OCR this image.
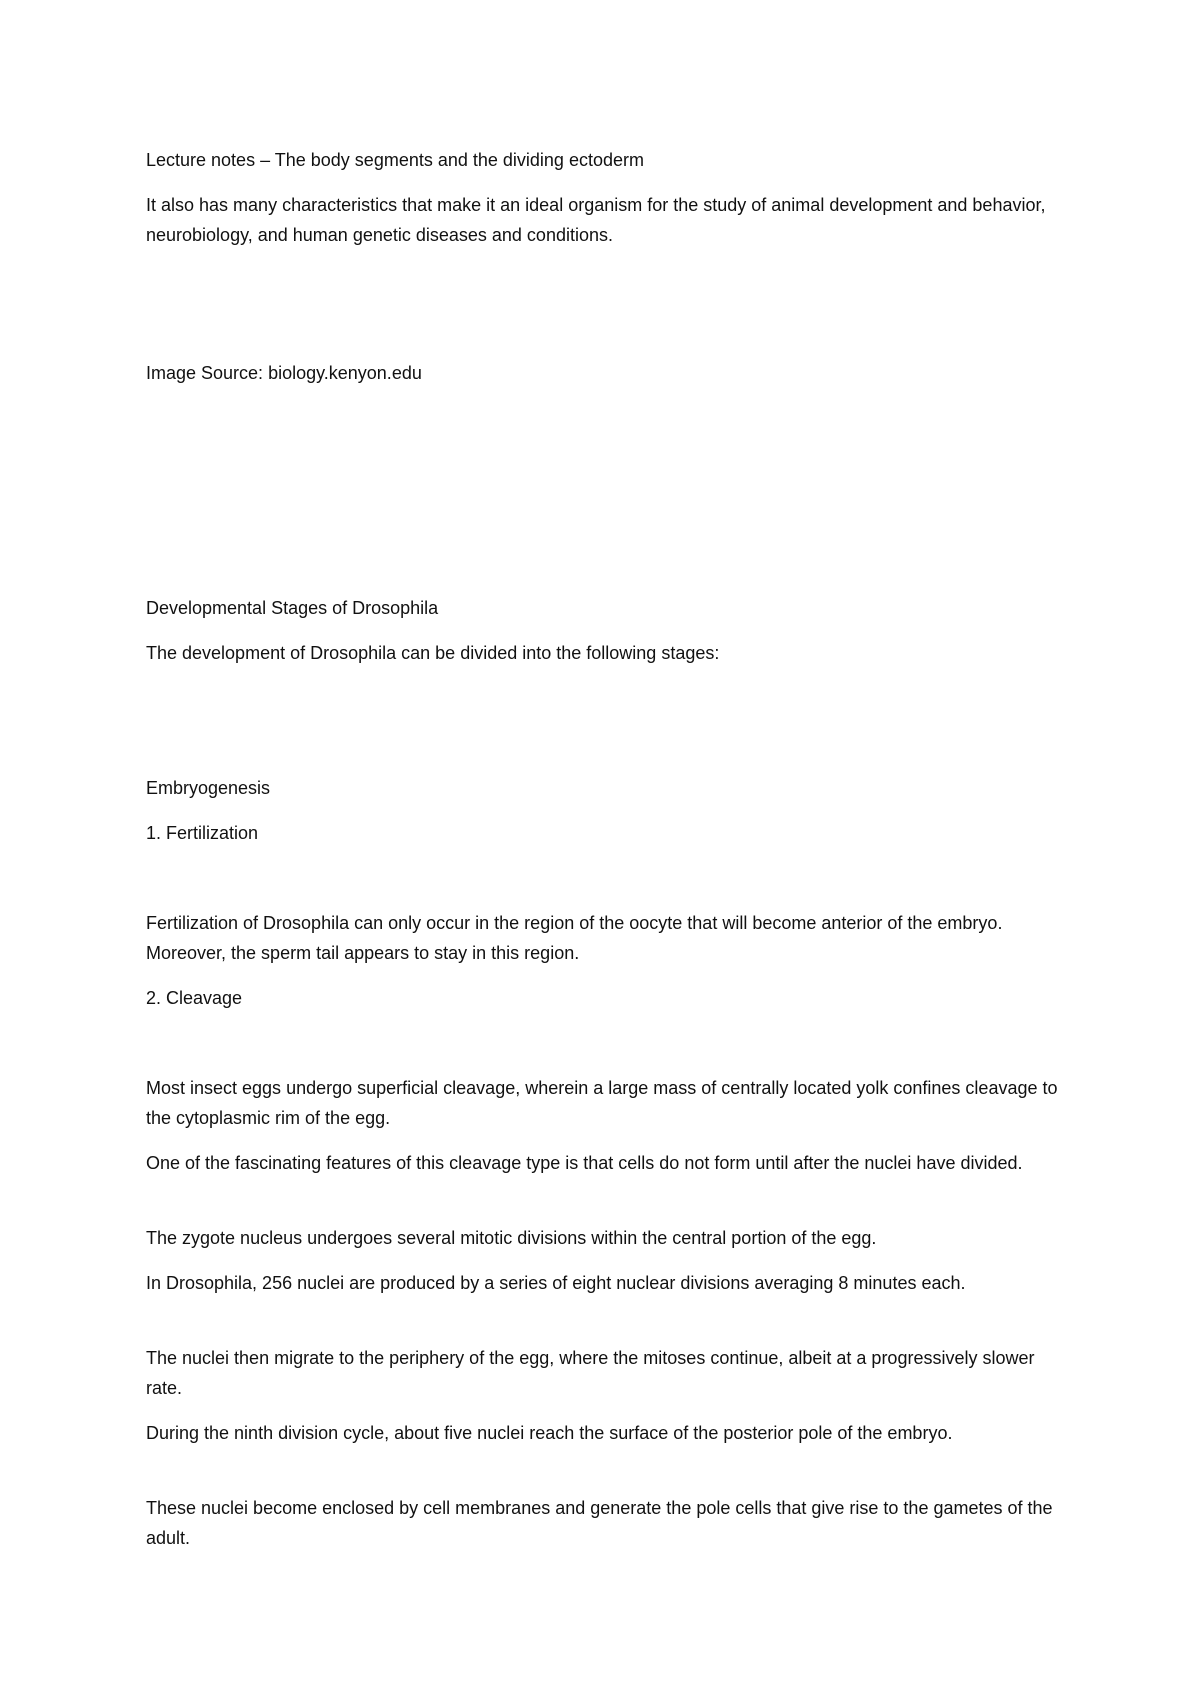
Lecture notes – The body segments and the dividing ectoderm

It also has many characteristics that make it an ideal organism for the study of animal development and behavior, neurobiology, and human genetic diseases and conditions.

Image Source: biology.kenyon.edu

Developmental Stages of Drosophila

The development of Drosophila can be divided into the following stages:

Embryogenesis

1. Fertilization

Fertilization of Drosophila can only occur in the region of the oocyte that will become anterior of the embryo. Moreover, the sperm tail appears to stay in this region.

2. Cleavage

Most insect eggs undergo superficial cleavage, wherein a large mass of centrally located yolk confines cleavage to the cytoplasmic rim of the egg.

One of the fascinating features of this cleavage type is that cells do not form until after the nuclei have divided.

The zygote nucleus undergoes several mitotic divisions within the central portion of the egg.

In Drosophila, 256 nuclei are produced by a series of eight nuclear divisions averaging 8 minutes each.

The nuclei then migrate to the periphery of the egg, where the mitoses continue, albeit at a progressively slower rate.

During the ninth division cycle, about five nuclei reach the surface of the posterior pole of the embryo.

These nuclei become enclosed by cell membranes and generate the pole cells that give rise to the gametes of the adult.
